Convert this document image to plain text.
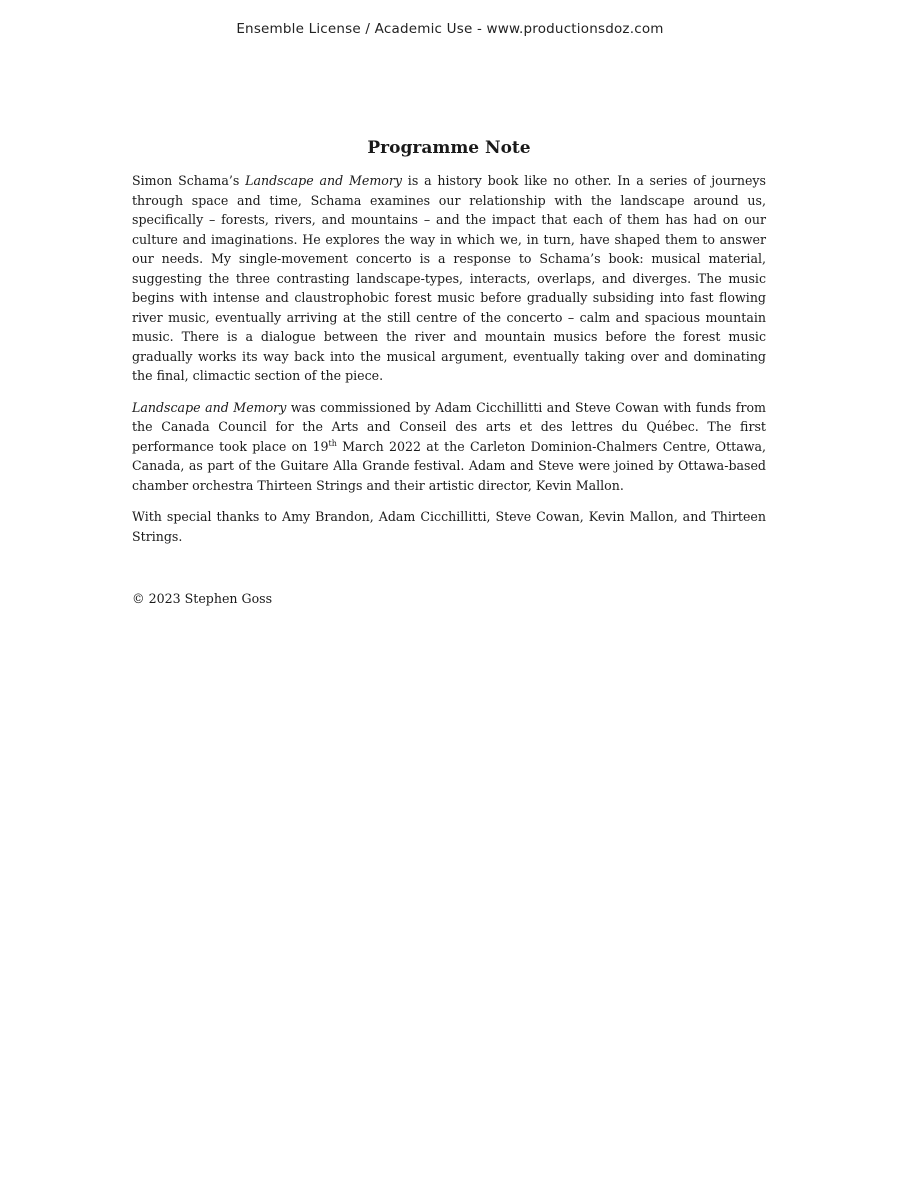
Ensemble License / Academic Use - www.productionsdoz.com
Programme Note

Simon Schama’s Landscape and Memory is a history book like no other. In a series of journeys through space and time, Schama examines our relationship with the landscape around us, specifically – forests, rivers, and mountains – and the impact that each of them has had on our culture and imaginations. He explores the way in which we, in turn, have shaped them to answer our needs. My single-movement concerto is a response to Schama’s book: musical material, suggesting the three contrasting landscape-types, interacts, overlaps, and diverges. The music begins with intense and claustrophobic forest music before gradually subsiding into fast flowing river music, eventually arriving at the still centre of the concerto – calm and spacious mountain music. There is a dialogue between the river and mountain musics before the forest music gradually works its way back into the musical argument, eventually taking over and dominating the final, climactic section of the piece.

Landscape and Memory was commissioned by Adam Cicchillitti and Steve Cowan with funds from the Canada Council for the Arts and Conseil des arts et des lettres du Québec. The first performance took place on 19th March 2022 at the Carleton Dominion-Chalmers Centre, Ottawa, Canada, as part of the Guitare Alla Grande festival. Adam and Steve were joined by Ottawa-based chamber orchestra Thirteen Strings and their artistic director, Kevin Mallon.

With special thanks to Amy Brandon, Adam Cicchillitti, Steve Cowan, Kevin Mallon, and Thirteen Strings.

© 2023 Stephen Goss
